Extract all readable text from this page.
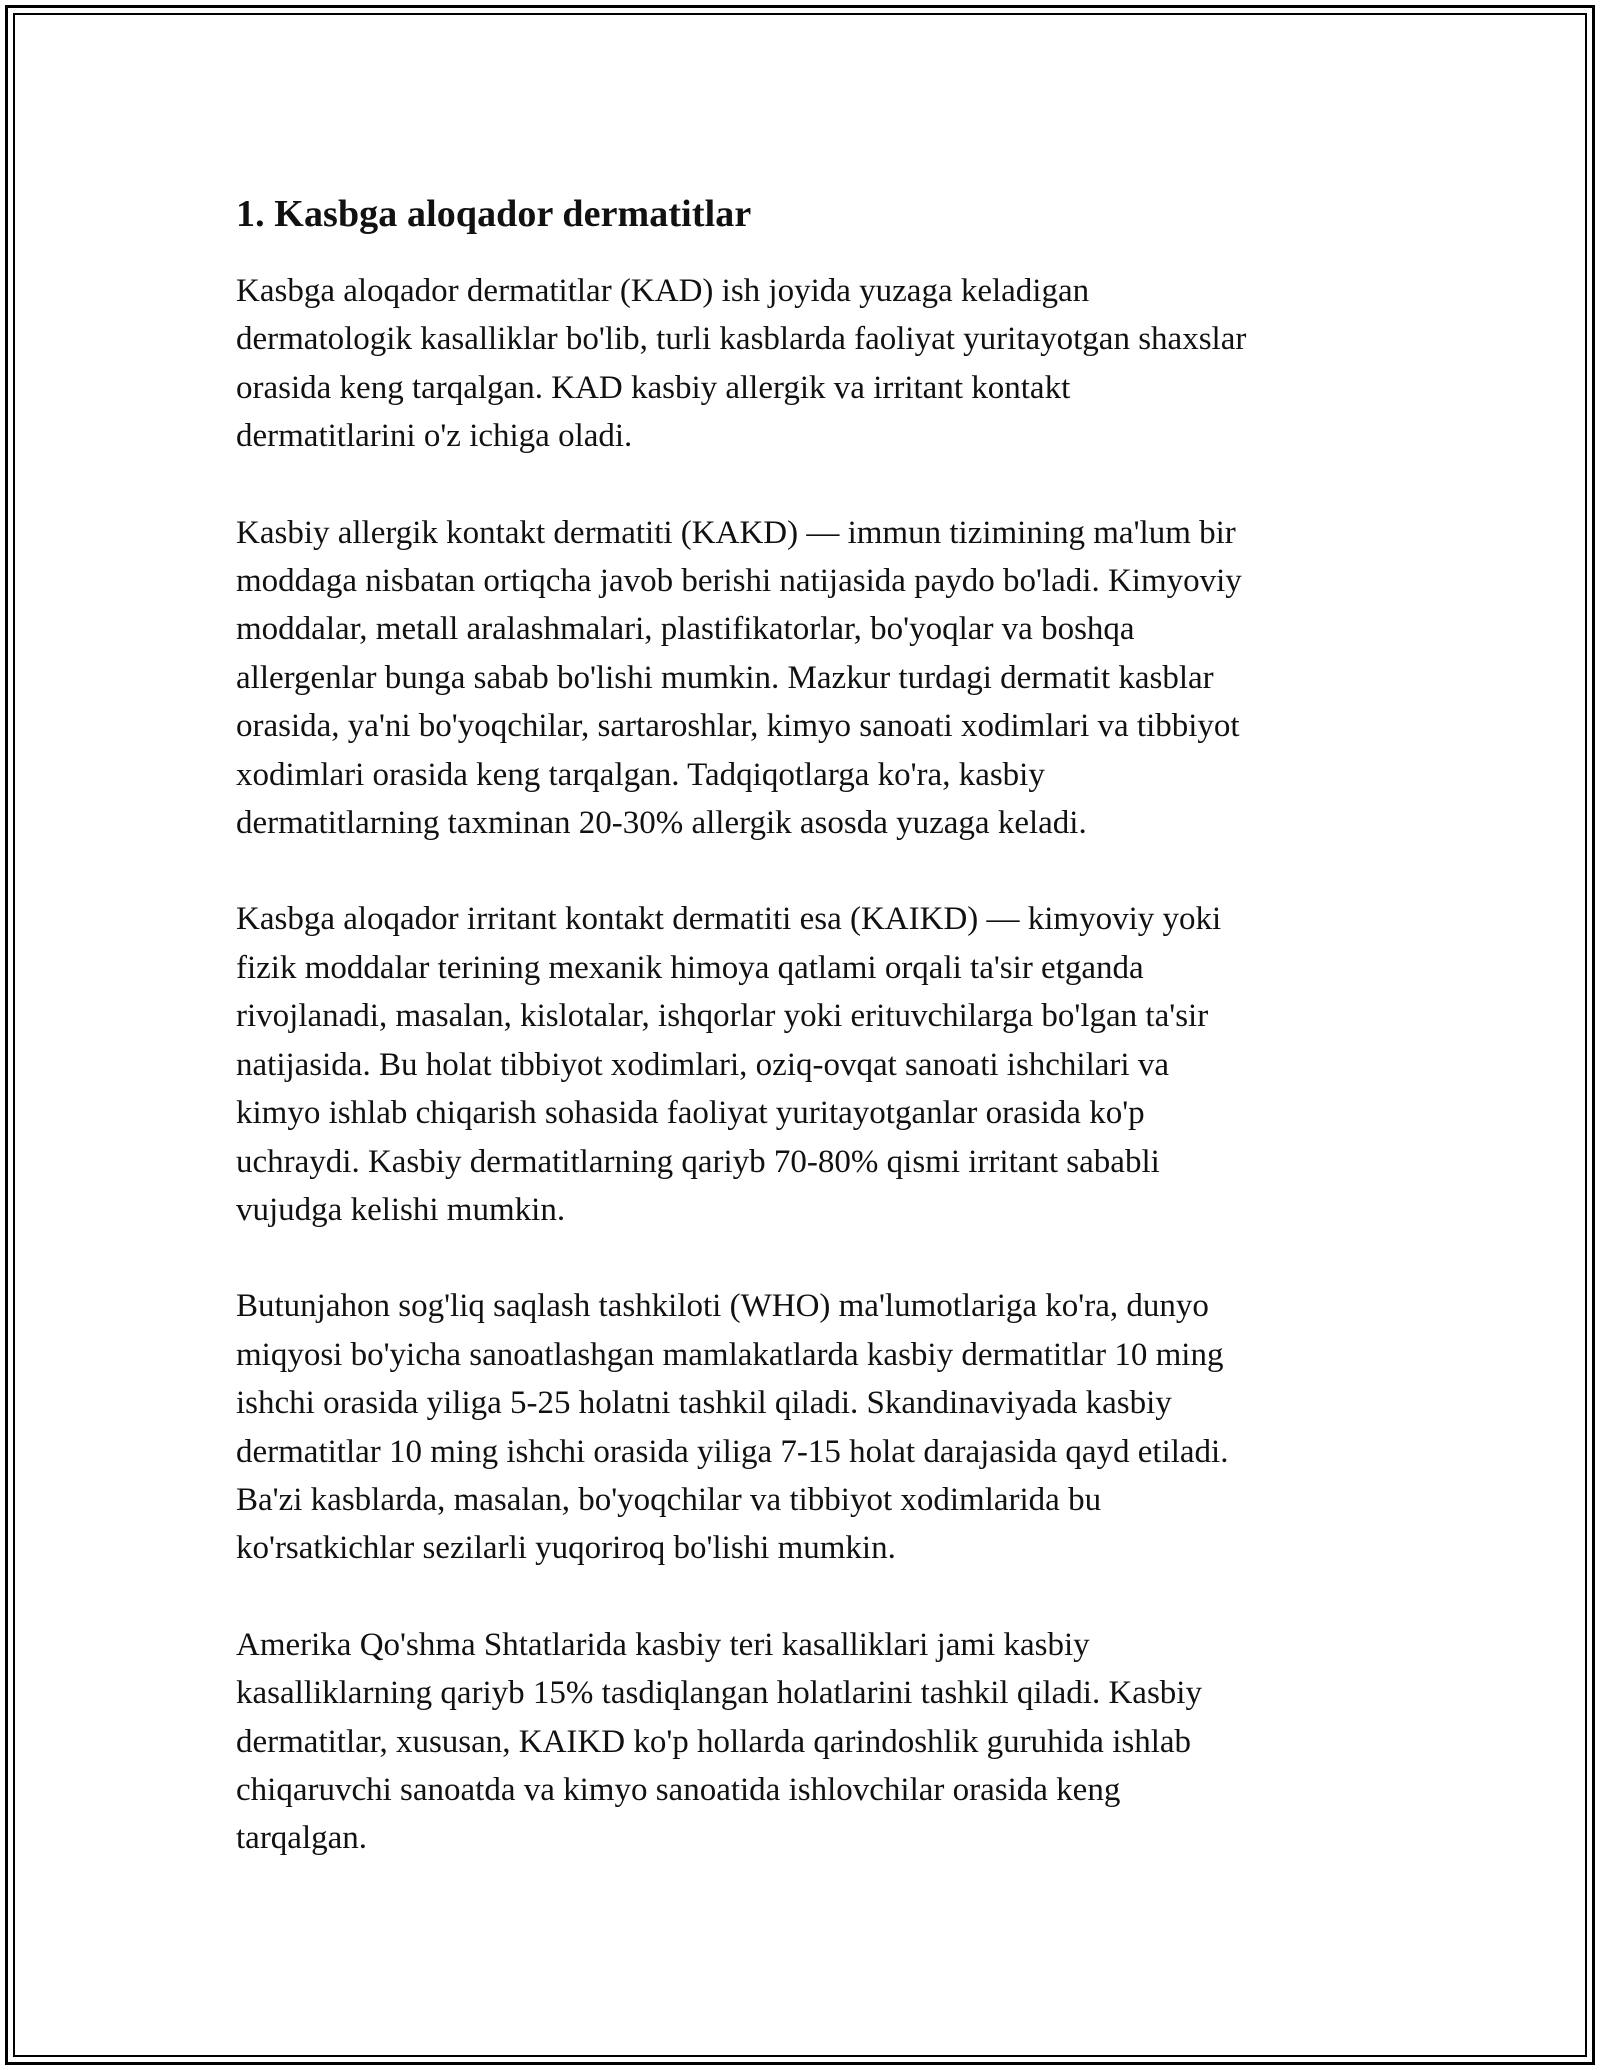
1. Kasbga aloqador dermatitlar

Kasbga aloqador dermatitlar (KAD) ish joyida yuzaga keladigan
dermatologik kasalliklar bo'lib, turli kasblarda faoliyat yuritayotgan shaxslar
orasida keng tarqalgan. KAD kasbiy allergik va irritant kontakt
dermatitlarini o'z ichiga oladi.

Kasbiy allergik kontakt dermatiti (KAKD) — immun tizimining ma'lum bir
moddaga nisbatan ortiqcha javob berishi natijasida paydo bo'ladi. Kimyoviy
moddalar, metall aralashmalari, plastifikatorlar, bo'yoqlar va boshqa
allergenlar bunga sabab bo'lishi mumkin. Mazkur turdagi dermatit kasblar
orasida, ya'ni bo'yoqchilar, sartaroshlar, kimyo sanoati xodimlari va tibbiyot
xodimlari orasida keng tarqalgan. Tadqiqotlarga ko'ra, kasbiy
dermatitlarning taxminan 20-30% allergik asosda yuzaga keladi.

Kasbga aloqador irritant kontakt dermatiti esa (KAIKD) — kimyoviy yoki
fizik moddalar terining mexanik himoya qatlami orqali ta'sir etganda
rivojlanadi, masalan, kislotalar, ishqorlar yoki erituvchilarga bo'lgan ta'sir
natijasida. Bu holat tibbiyot xodimlari, oziq-ovqat sanoati ishchilari va
kimyo ishlab chiqarish sohasida faoliyat yuritayotganlar orasida ko'p
uchraydi. Kasbiy dermatitlarning qariyb 70-80% qismi irritant sababli
vujudga kelishi mumkin.

Butunjahon sog'liq saqlash tashkiloti (WHO) ma'lumotlariga ko'ra, dunyo
miqyosi bo'yicha sanoatlashgan mamlakatlarda kasbiy dermatitlar 10 ming
ishchi orasida yiliga 5-25 holatni tashkil qiladi. Skandinaviyada kasbiy
dermatitlar 10 ming ishchi orasida yiliga 7-15 holat darajasida qayd etiladi.
Ba'zi kasblarda, masalan, bo'yoqchilar va tibbiyot xodimlarida bu
ko'rsatkichlar sezilarli yuqoriroq bo'lishi mumkin.

Amerika Qo'shma Shtatlarida kasbiy teri kasalliklari jami kasbiy
kasalliklarning qariyb 15% tasdiqlangan holatlarini tashkil qiladi. Kasbiy
dermatitlar, xususan, KAIKD ko'p hollarda qarindoshlik guruhida ishlab
chiqaruvchi sanoatda va kimyo sanoatida ishlovchilar orasida keng
tarqalgan.
